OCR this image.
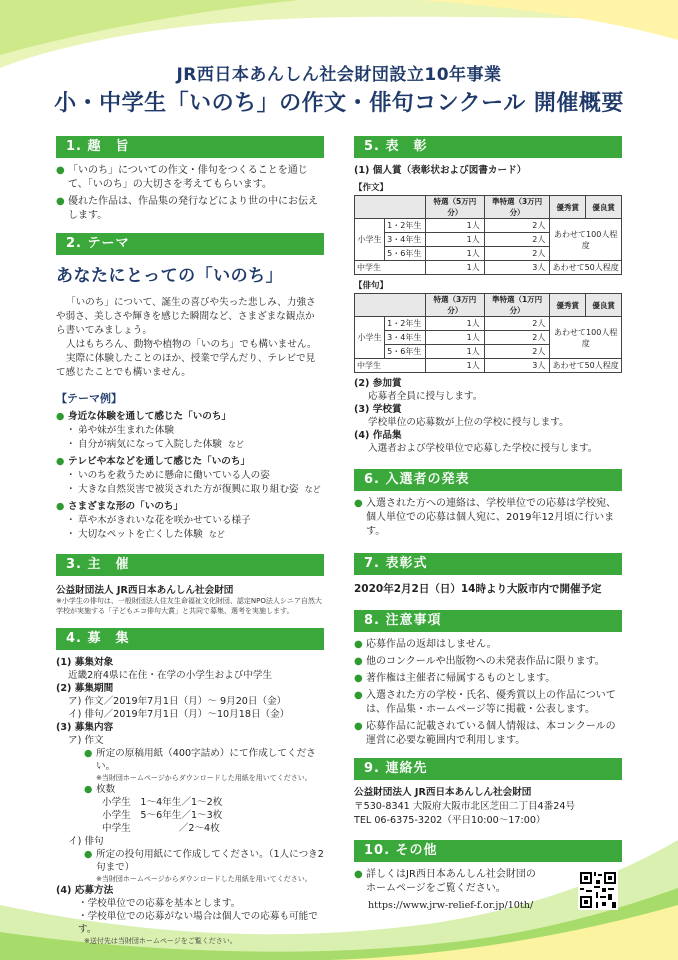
JR西日本あんしん社会財団設立10年事業
小・中学生「いのち」の作文・俳句コンクール 開催概要
1. 趣　旨
● 「いのち」についての作文・俳句をつくることを通じて、「いのち」の大切さを考えてもらいます。
● 優れた作品は、作品集の発行などにより世の中にお伝えします。
2. テーマ
あなたにとっての「いのち」

「いのち」について、誕生の喜びや失った悲しみ、力強さや弱さ、美しさや輝きを感じた瞬間など、さまざまな観点から書いてみましょう。

人はもちろん、動物や植物の「いのち」でも構いません。

実際に体験したことのほか、授業で学んだり、テレビで見て感じたことでも構いません。

【テーマ例】
● 身近な体験を通して感じた「いのち」
・ 弟や妹が生まれた体験
・ 自分が病気になって入院した体験 など
● テレビや本などを通して感じた「いのち」
・ いのちを救うために懸命に働いている人の姿
・ 大きな自然災害で被災された方が復興に取り組む姿 など
● さまざまな形の「いのち」
・ 草や木がきれいな花を咲かせている様子
・ 大切なペットを亡くした体験 など
3. 主　催
公益財団法人 JR西日本あんしん社会財団
※小学生の俳句は、一般財団法人住友生命福祉文化財団、認定NPO法人シニア自然大学校が実施する「子どもエコ俳句大賞」と共同で募集、選考を実施します。
4. 募　集
(1) 募集対象
近畿2府4県に在住・在学の小学生および中学生
(2) 募集期間
ア) 作文／2019年7月1日（月）～ 9月20日（金）
イ) 俳句／2019年7月1日（月）～10月18日（金）
(3) 募集内容
ア) 作文
● 所定の原稿用紙（400字詰め）にて作成してください。
※当財団ホームページからダウンロードした用紙を用いてください。
● 枚数
小学生　1～4年生／1～2枚
小学生　5～6年生／1～3枚
中学生　　　　　／2～4枚
イ) 俳句
● 所定の投句用紙にて作成してください。（1人につき2句まで）
※当財団ホームページからダウンロードした用紙を用いてください。
(4) 応募方法
・学校単位での応募を基本とします。
・学校単位での応募がない場合は個人での応募も可能です。
※送付先は当財団ホームページをご覧ください。
5. 表　彰
(1) 個人賞（表彰状および図書カード）
【作文】
		特選（5万円分）	準特選（3万円分）	優秀賞	優良賞
小学生	1・2年生	1人	2人	あわせて100人程度	
	3・4年生	1人	2人		
	5・6年生	1人	2人		
中学生		1人	3人	あわせて50人程度	
【俳句】
		特選（3万円分）	準特選（1万円分）	優秀賞	優良賞
小学生	1・2年生	1人	2人	あわせて100人程度	
	3・4年生	1人	2人		
	5・6年生	1人	2人		
中学生		1人	3人	あわせて50人程度	
(2) 参加賞
応募者全員に授与します。
(3) 学校賞
学校単位の応募数が上位の学校に授与します。
(4) 作品集
入選者および学校単位で応募した学校に授与します。
6. 入選者の発表
● 入選された方への連絡は、学校単位での応募は学校宛、個人単位での応募は個人宛に、2019年12月頃に行います。
7. 表彰式
2020年2月2日（日）14時より大阪市内で開催予定
8. 注意事項
● 応募作品の返却はしません。
● 他のコンクールや出版物への未発表作品に限ります。
● 著作権は主催者に帰属するものとします。
● 入選された方の学校・氏名、優秀賞以上の作品については、作品集・ホームページ等に掲載・公表します。
● 応募作品に記載されている個人情報は、本コンクールの運営に必要な範囲内で利用します。
9. 連絡先
公益財団法人 JR西日本あんしん社会財団
〒530-8341 大阪府大阪市北区芝田二丁目4番24号
TEL 06-6375-3202（平日10:00～17:00）
10. その他
● 詳しくはJR西日本あんしん社会財団のホームページをご覧ください。
https://www.jrw-relief-f.or.jp/10th/
